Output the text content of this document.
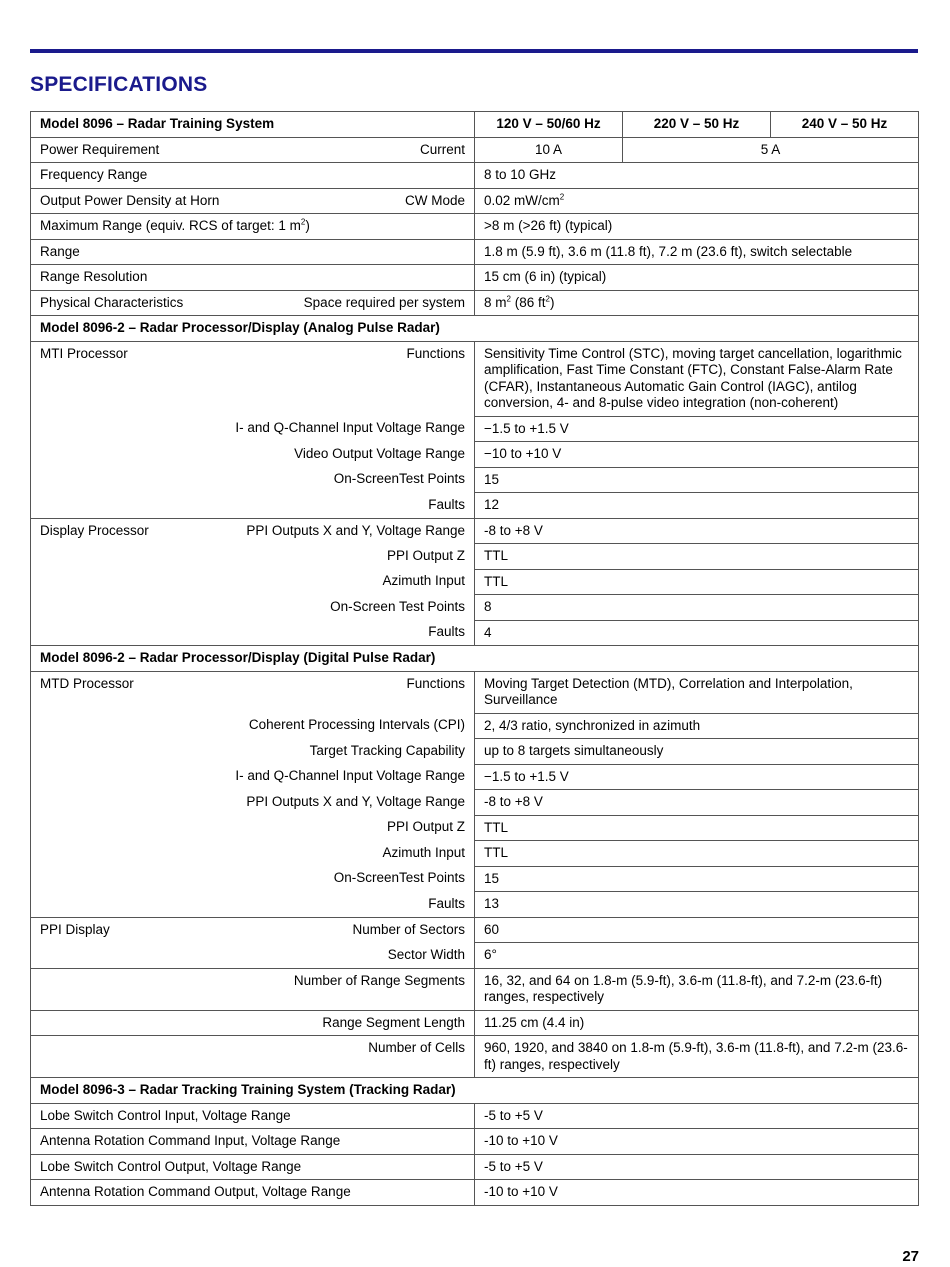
SPECIFICATIONS
Model 8096 – Radar Training System	120 V – 50/60 Hz	220 V – 50 Hz	240 V – 50 Hz

Power Requirement Current	10 A	5 A	
Frequency Range	8 to 10 GHz		

Output Power Density at Horn CW Mode	0.02 $mW/cm^2$
Maximum Range (equiv. RCS of target: 1 $m^2$)	>8 m (>26 ft) (typical)		
Range	1.8 m (5.9 ft), 3.6 m (11.8 ft), 7.2 m (23.6 ft), switch selectable		
Range Resolution	15 cm (6 in) (typical)		

Physical Characteristics Space required per system	8 $m^2$ (86 $ft^2$)		
Model 8096-2 – Radar Processor/Display (Analog Pulse Radar)			

MTI Processor Functions	Sensitivity Time Control (STC), moving target cancellation, logarithmic amplification, Fast Time Constant (FTC), Constant False-Alarm Rate (CFAR), Instantaneous Automatic Gain Control (IAGC), antilog conversion, 4- and 8-pulse video integration (non-coherent)		
I- and Q-Channel Input Voltage Range	−1.5 to +1.5 V		
Video Output Voltage Range	−10 to +10 V		
On-ScreenTest Points	15		
Faults	12		

Display Processor PPI Outputs X and Y, Voltage Range	-8 to +8 V		
PPI Output Z	TTL		
Azimuth Input	TTL		
On-Screen Test Points	8		
Faults	4		
Model 8096-2 – Radar Processor/Display (Digital Pulse Radar)			

MTD Processor Functions	Moving Target Detection (MTD), Correlation and Interpolation, Surveillance		
Coherent Processing Intervals (CPI)	2, 4/3 ratio, synchronized in azimuth		
Target Tracking Capability	up to 8 targets simultaneously		
I- and Q-Channel Input Voltage Range	−1.5 to +1.5 V		
PPI Outputs X and Y, Voltage Range	-8 to +8 V		
PPI Output Z	TTL		
Azimuth Input	TTL		
On-ScreenTest Points	15		
Faults	13		

PPI Display Number of Sectors	60		
Sector Width	6°		
Number of Range Segments	16, 32, and 64 on 1.8-m (5.9-ft), 3.6-m (11.8-ft), and 7.2-m (23.6-ft) ranges, respectively		
Range Segment Length	11.25 cm (4.4 in)		
Number of Cells	960, 1920, and 3840 on 1.8-m (5.9-ft), 3.6-m (11.8-ft), and 7.2-m (23.6-ft) ranges, respectively		
Model 8096-3 – Radar Tracking Training System (Tracking Radar)			
Lobe Switch Control Input, Voltage Range	-5 to +5 V		
Antenna Rotation Command Input, Voltage Range	-10 to +10 V		
Lobe Switch Control Output, Voltage Range	-5 to +5 V		
Antenna Rotation Command Output, Voltage Range	-10 to +10 V		
27
